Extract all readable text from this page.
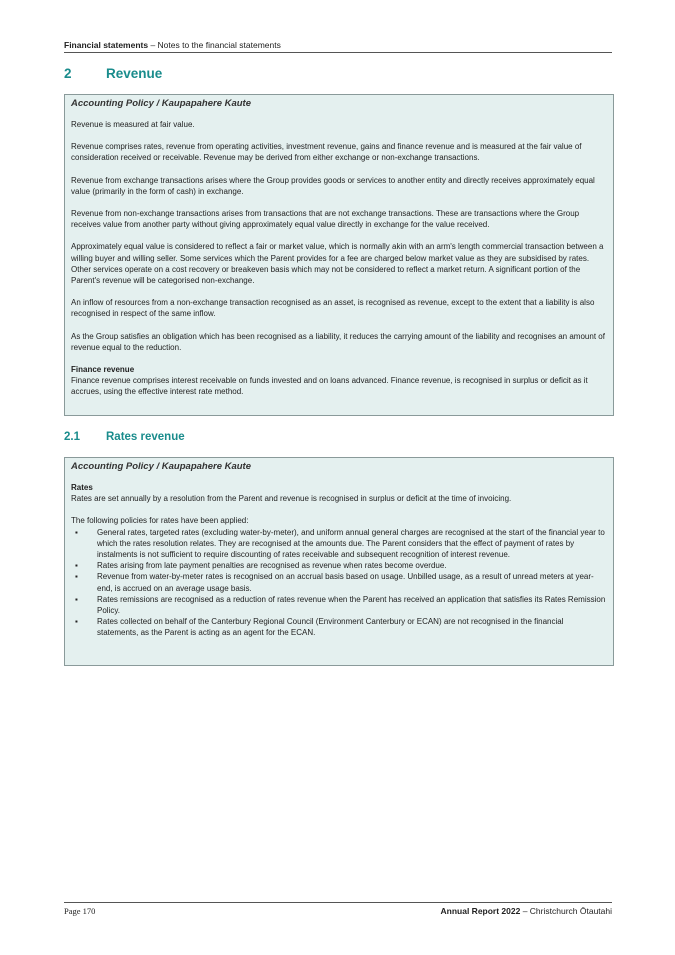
Financial statements – Notes to the financial statements
2	Revenue
Accounting Policy / Kaupapahere Kaute

Revenue is measured at fair value.

Revenue comprises rates, revenue from operating activities, investment revenue, gains and finance revenue and is measured at the fair value of consideration received or receivable. Revenue may be derived from either exchange or non-exchange transactions.

Revenue from exchange transactions arises where the Group provides goods or services to another entity and directly receives approximately equal value (primarily in the form of cash) in exchange.

Revenue from non-exchange transactions arises from transactions that are not exchange transactions. These are transactions where the Group receives value from another party without giving approximately equal value directly in exchange for the value received.

Approximately equal value is considered to reflect a fair or market value, which is normally akin with an arm's length commercial transaction between a willing buyer and willing seller. Some services which the Parent provides for a fee are charged below market value as they are subsidised by rates. Other services operate on a cost recovery or breakeven basis which may not be considered to reflect a market return. A significant portion of the Parent's revenue will be categorised non-exchange.

An inflow of resources from a non-exchange transaction recognised as an asset, is recognised as revenue, except to the extent that a liability is also recognised in respect of the same inflow.

As the Group satisfies an obligation which has been recognised as a liability, it reduces the carrying amount of the liability and recognises an amount of revenue equal to the reduction.

Finance revenue
Finance revenue comprises interest receivable on funds invested and on loans advanced. Finance revenue, is recognised in surplus or deficit as it accrues, using the effective interest rate method.

2.1 Rates revenue
Accounting Policy / Kaupapahere Kaute

Rates
Rates are set annually by a resolution from the Parent and revenue is recognised in surplus or deficit at the time of invoicing.

The following policies for rates have been applied:

▪ General rates, targeted rates (excluding water-by-meter), and uniform annual general charges are recognised at the start of the financial year to which the rates resolution relates. They are recognised at the amounts due. The Parent considers that the effect of payment of rates by instalments is not sufficient to require discounting of rates receivable and subsequent recognition of interest revenue.
▪ Rates arising from late payment penalties are recognised as revenue when rates become overdue.
▪ Revenue from water-by-meter rates is recognised on an accrual basis based on usage. Unbilled usage, as a result of unread meters at year-end, is accrued on an average usage basis.
▪ Rates remissions are recognised as a reduction of rates revenue when the Parent has received an application that satisfies its Rates Remission Policy.
▪ Rates collected on behalf of the Canterbury Regional Council (Environment Canterbury or ECAN) are not recognised in the financial statements, as the Parent is acting as an agent for the ECAN.
Page 170	Annual Report 2022 – Christchurch Ōtautahi
